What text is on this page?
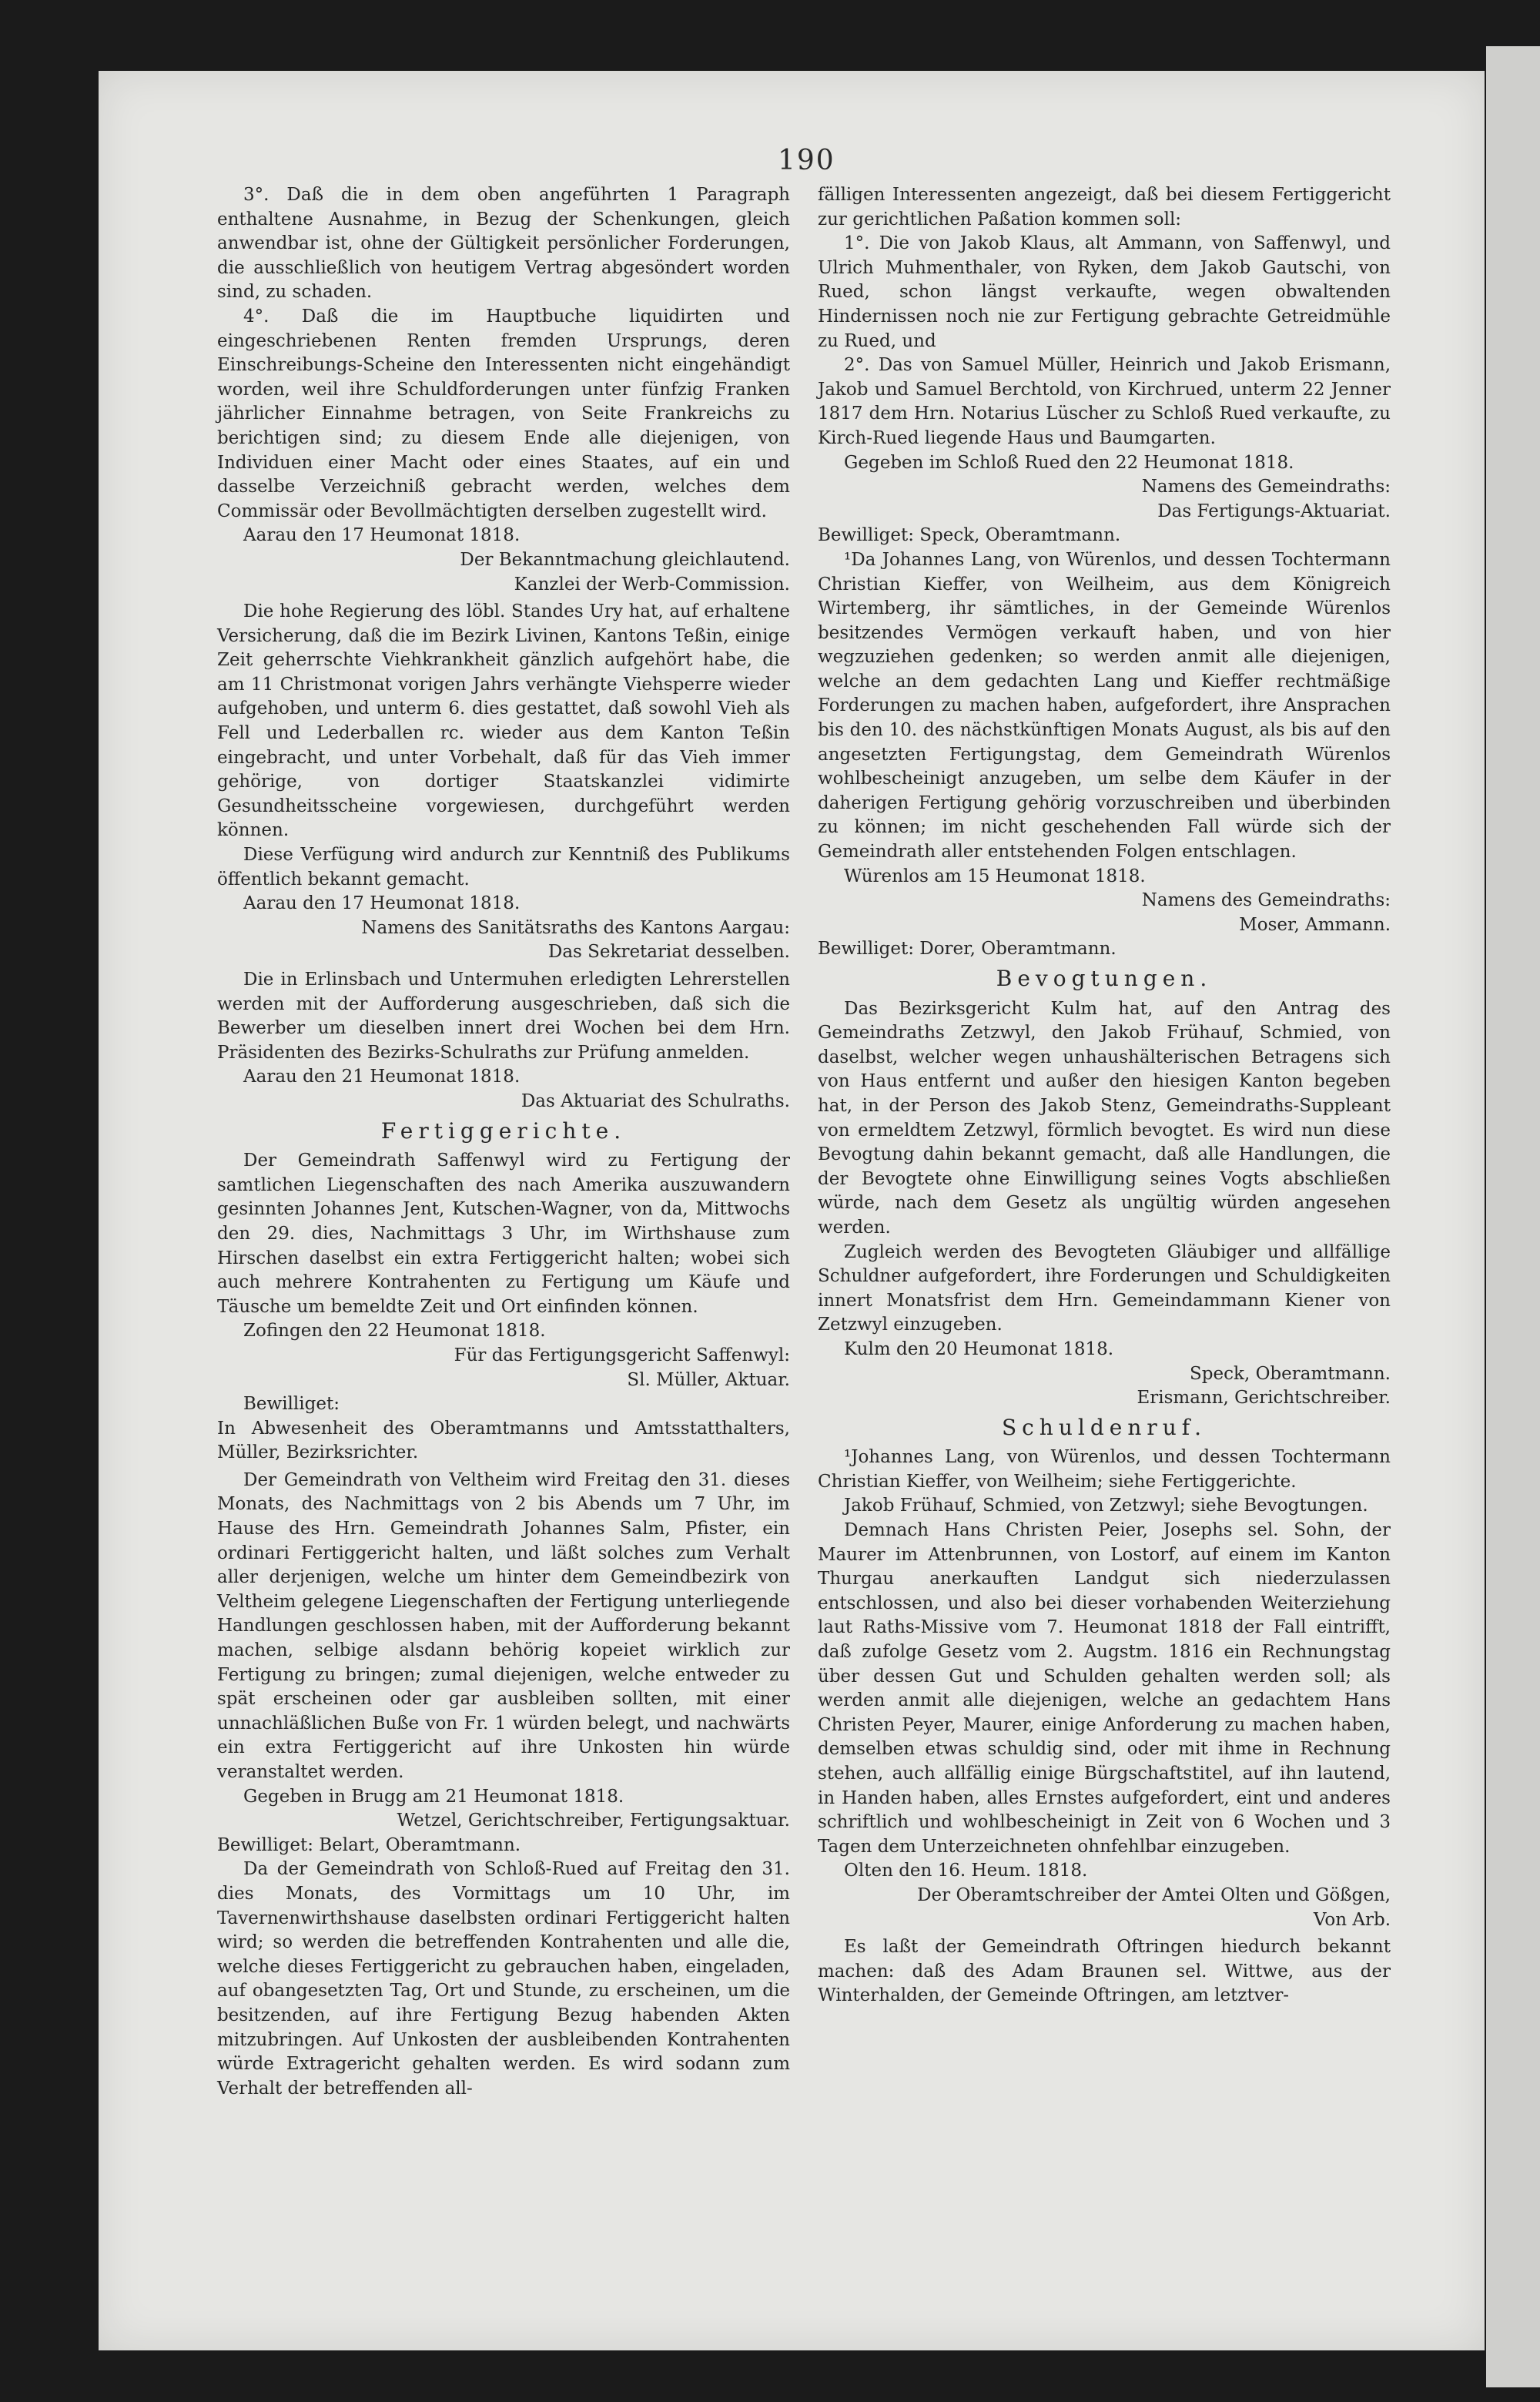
190

3°. Daß die in dem oben angeführten 1 Paragraph enthaltene Ausnahme, in Bezug der Schenkungen, gleich anwendbar ist, ohne der Gültigkeit persönlicher Forderungen, die ausschließlich von heutigem Vertrag abgesöndert worden sind, zu schaden.

4°. Daß die im Hauptbuche liquidirten und eingeschriebenen Renten fremden Ursprungs, deren Einschreibungs-Scheine den Interessenten nicht eingehändigt worden, weil ihre Schuldforderungen unter fünfzig Franken jährlicher Einnahme betragen, von Seite Frankreichs zu berichtigen sind; zu diesem Ende alle diejenigen, von Individuen einer Macht oder eines Staates, auf ein und dasselbe Verzeichniß gebracht werden, welches dem Commissär oder Bevollmächtigten derselben zugestellt wird.

Aarau den 17 Heumonat 1818.

Der Bekanntmachung gleichlautend.

Kanzlei der Werb-Commission.

Die hohe Regierung des löbl. Standes Ury hat, auf erhaltene Versicherung, daß die im Bezirk Livinen, Kantons Teßin, einige Zeit geherrschte Viehkrankheit gänzlich aufgehört habe, die am 11 Christmonat vorigen Jahrs verhängte Viehsperre wieder aufgehoben, und unterm 6. dies gestattet, daß sowohl Vieh als Fell und Lederballen rc. wieder aus dem Kanton Teßin eingebracht, und unter Vorbehalt, daß für das Vieh immer gehörige, von dortiger Staatskanzlei vidimirte Gesundheitsscheine vorgewiesen, durchgeführt werden können.

Diese Verfügung wird andurch zur Kenntniß des Publikums öffentlich bekannt gemacht.

Aarau den 17 Heumonat 1818.

Namens des Sanitätsraths des Kantons Aargau:

Das Sekretariat desselben.

Die in Erlinsbach und Untermuhen erledigten Lehrerstellen werden mit der Aufforderung ausgeschrieben, daß sich die Bewerber um dieselben innert drei Wochen bei dem Hrn. Präsidenten des Bezirks-Schulraths zur Prüfung anmelden.

Aarau den 21 Heumonat 1818.

Das Aktuariat des Schulraths.

Fertiggerichte.

Der Gemeindrath Saffenwyl wird zu Fertigung der samtlichen Liegenschaften des nach Amerika auszuwandern gesinnten Johannes Jent, Kutschen-Wagner, von da, Mittwochs den 29. dies, Nachmittags 3 Uhr, im Wirthshause zum Hirschen daselbst ein extra Fertiggericht halten; wobei sich auch mehrere Kontrahenten zu Fertigung um Käufe und Täusche um bemeldte Zeit und Ort einfinden können.

Zofingen den 22 Heumonat 1818.

Für das Fertigungsgericht Saffenwyl:

Sl. Müller, Aktuar.

Bewilliget:

In Abwesenheit des Oberamtmanns und Amtsstatthalters, Müller, Bezirksrichter.

Der Gemeindrath von Veltheim wird Freitag den 31. dieses Monats, des Nachmittags von 2 bis Abends um 7 Uhr, im Hause des Hrn. Gemeindrath Johannes Salm, Pfister, ein ordinari Fertiggericht halten, und läßt solches zum Verhalt aller derjenigen, welche um hinter dem Gemeindbezirk von Veltheim gelegene Liegenschaften der Fertigung unterliegende Handlungen geschlossen haben, mit der Aufforderung bekannt machen, selbige alsdann behörig kopeiet wirklich zur Fertigung zu bringen; zumal diejenigen, welche entweder zu spät erscheinen oder gar ausbleiben sollten, mit einer unnachläßlichen Buße von Fr. 1 würden belegt, und nachwärts ein extra Fertiggericht auf ihre Unkosten hin würde veranstaltet werden.

Gegeben in Brugg am 21 Heumonat 1818.

Wetzel, Gerichtschreiber, Fertigungsaktuar.

Bewilliget: Belart, Oberamtmann.

Da der Gemeindrath von Schloß-Rued auf Freitag den 31. dies Monats, des Vormittags um 10 Uhr, im Tavernenwirthshause daselbsten ordinari Fertiggericht halten wird; so werden die betreffenden Kontrahenten und alle die, welche dieses Fertiggericht zu gebrauchen haben, eingeladen, auf obangesetzten Tag, Ort und Stunde, zu erscheinen, um die besitzenden, auf ihre Fertigung Bezug habenden Akten mitzubringen. Auf Unkosten der ausbleibenden Kontrahenten würde Extragericht gehalten werden. Es wird sodann zum Verhalt der betreffenden all-

fälligen Interessenten angezeigt, daß bei diesem Fertiggericht zur gerichtlichen Paßation kommen soll:

1°. Die von Jakob Klaus, alt Ammann, von Saffenwyl, und Ulrich Muhmenthaler, von Ryken, dem Jakob Gautschi, von Rued, schon längst verkaufte, wegen obwaltenden Hindernissen noch nie zur Fertigung gebrachte Getreidmühle zu Rued, und

2°. Das von Samuel Müller, Heinrich und Jakob Erismann, Jakob und Samuel Berchtold, von Kirchrued, unterm 22 Jenner 1817 dem Hrn. Notarius Lüscher zu Schloß Rued verkaufte, zu Kirch-Rued liegende Haus und Baumgarten.

Gegeben im Schloß Rued den 22 Heumonat 1818.

Namens des Gemeindraths:

Das Fertigungs-Aktuariat.

Bewilliget: Speck, Oberamtmann.

¹Da Johannes Lang, von Würenlos, und dessen Tochtermann Christian Kieffer, von Weilheim, aus dem Königreich Wirtemberg, ihr sämtliches, in der Gemeinde Würenlos besitzendes Vermögen verkauft haben, und von hier wegzuziehen gedenken; so werden anmit alle diejenigen, welche an dem gedachten Lang und Kieffer rechtmäßige Forderungen zu machen haben, aufgefordert, ihre Ansprachen bis den 10. des nächstkünftigen Monats August, als bis auf den angesetzten Fertigungstag, dem Gemeindrath Würenlos wohlbescheinigt anzugeben, um selbe dem Käufer in der daherigen Fertigung gehörig vorzuschreiben und überbinden zu können; im nicht geschehenden Fall würde sich der Gemeindrath aller entstehenden Folgen entschlagen.

Würenlos am 15 Heumonat 1818.

Namens des Gemeindraths:

Moser, Ammann.

Bewilliget: Dorer, Oberamtmann.

Bevogtungen.

Das Bezirksgericht Kulm hat, auf den Antrag des Gemeindraths Zetzwyl, den Jakob Frühauf, Schmied, von daselbst, welcher wegen unhaushälterischen Betragens sich von Haus entfernt und außer den hiesigen Kanton begeben hat, in der Person des Jakob Stenz, Gemeindraths-Suppleant von ermeldtem Zetzwyl, förmlich bevogtet. Es wird nun diese Bevogtung dahin bekannt gemacht, daß alle Handlungen, die der Bevogtete ohne Einwilligung seines Vogts abschließen würde, nach dem Gesetz als ungültig würden angesehen werden.

Zugleich werden des Bevogteten Gläubiger und allfällige Schuldner aufgefordert, ihre Forderungen und Schuldigkeiten innert Monatsfrist dem Hrn. Gemeindammann Kiener von Zetzwyl einzugeben.

Kulm den 20 Heumonat 1818.

Speck, Oberamtmann.

Erismann, Gerichtschreiber.

Schuldenruf.

¹Johannes Lang, von Würenlos, und dessen Tochtermann Christian Kieffer, von Weilheim; siehe Fertiggerichte.

Jakob Frühauf, Schmied, von Zetzwyl; siehe Bevogtungen.

Demnach Hans Christen Peier, Josephs sel. Sohn, der Maurer im Attenbrunnen, von Lostorf, auf einem im Kanton Thurgau anerkauften Landgut sich niederzulassen entschlossen, und also bei dieser vorhabenden Weiterziehung laut Raths-Missive vom 7. Heumonat 1818 der Fall eintrifft, daß zufolge Gesetz vom 2. Augstm. 1816 ein Rechnungstag über dessen Gut und Schulden gehalten werden soll; als werden anmit alle diejenigen, welche an gedachtem Hans Christen Peyer, Maurer, einige Anforderung zu machen haben, demselben etwas schuldig sind, oder mit ihme in Rechnung stehen, auch allfällig einige Bürgschaftstitel, auf ihn lautend, in Handen haben, alles Ernstes aufgefordert, eint und anderes schriftlich und wohlbescheinigt in Zeit von 6 Wochen und 3 Tagen dem Unterzeichneten ohnfehlbar einzugeben.

Olten den 16. Heum. 1818.

Der Oberamtschreiber der Amtei Olten und Gößgen,

Von Arb.

Es laßt der Gemeindrath Oftringen hiedurch bekannt machen: daß des Adam Braunen sel. Wittwe, aus der Winterhalden, der Gemeinde Oftringen, am letztver-
